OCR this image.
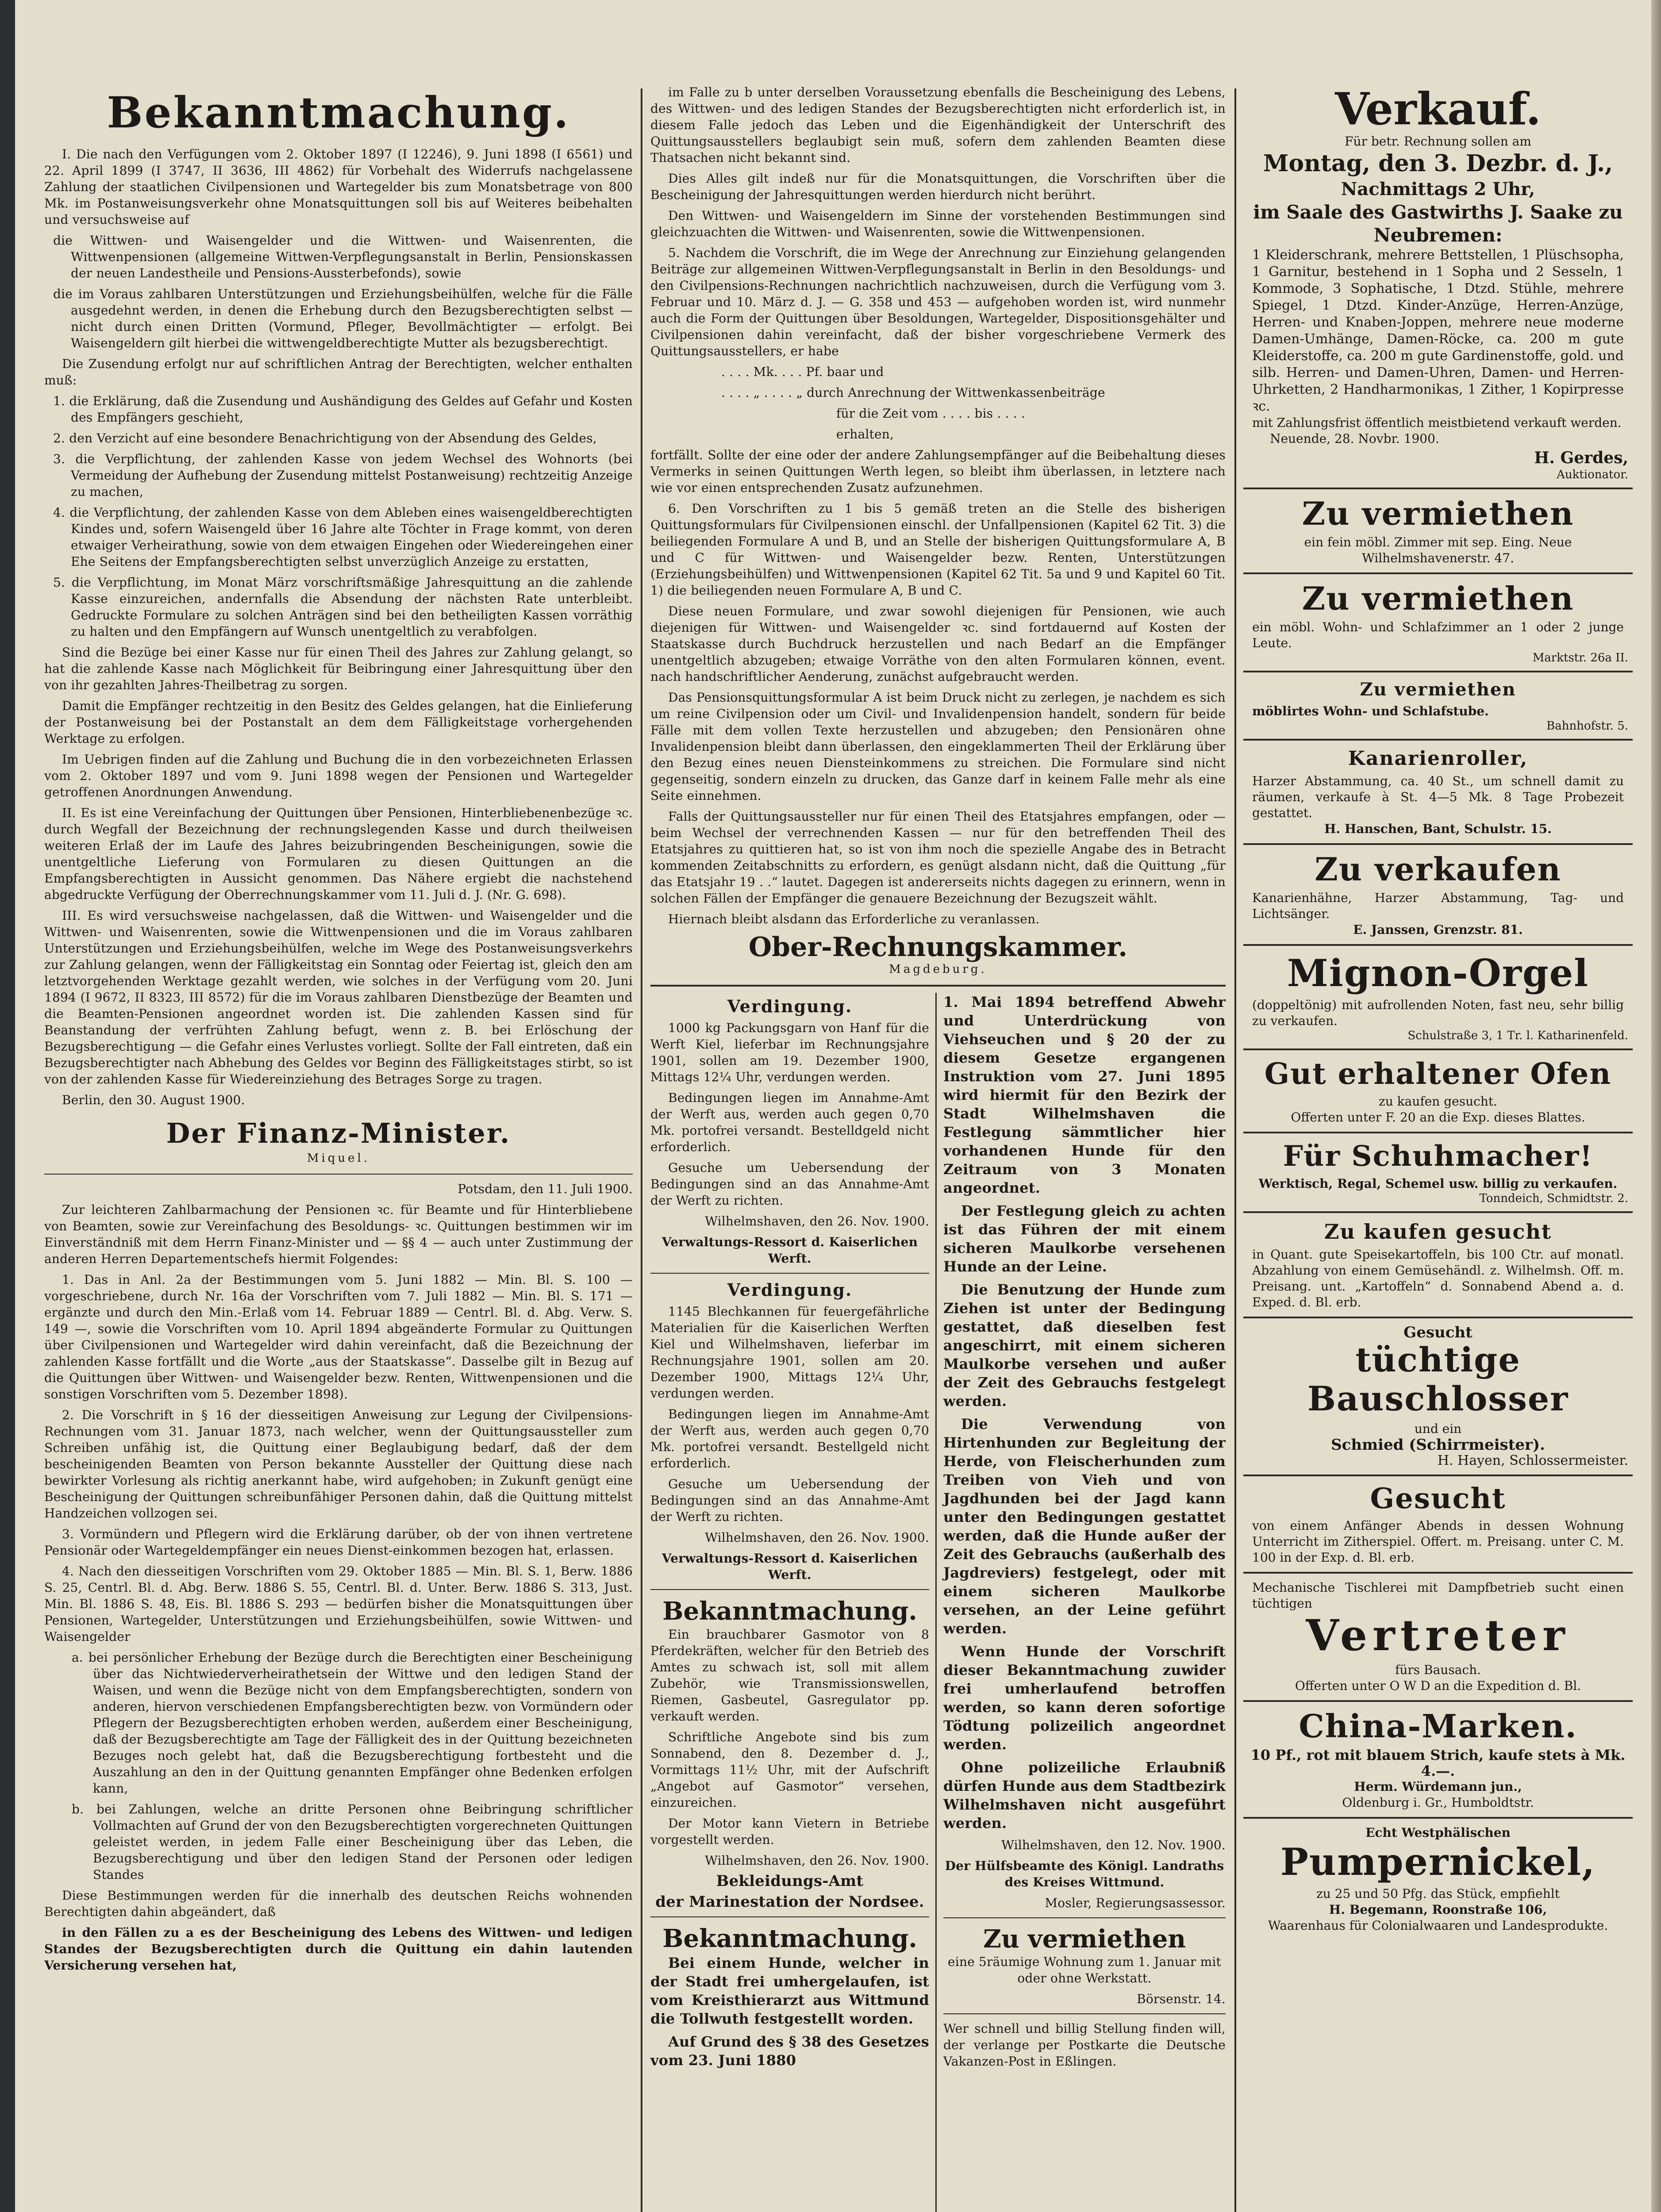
Bekanntmachung.

I. Die nach den Verfügungen vom 2. Oktober 1897 (I 12246), 9. Juni 1898 (I 6561) und 22. April 1899 (I 3747, II 3636, III 4862) für Vorbehalt des Widerrufs nachgelassene Zahlung der staatlichen Civilpensionen und Wartegelder bis zum Monatsbetrage von 800 Mk. im Postanweisungsverkehr ohne Monatsquittungen soll bis auf Weiteres beibehalten und versuchsweise auf

die Wittwen- und Waisengelder und die Wittwen- und Waisenrenten, die Wittwenpensionen (allgemeine Wittwen-Verpflegungsanstalt in Berlin, Pensionskassen der neuen Landestheile und Pensions-Aussterbefonds), sowie

die im Voraus zahlbaren Unterstützungen und Erziehungsbeihülfen, welche für die Fälle ausgedehnt werden, in denen die Erhebung durch den Bezugsberechtigten selbst — nicht durch einen Dritten (Vormund, Pfleger, Bevollmächtigter — erfolgt. Bei Waisengeldern gilt hierbei die wittwengeldberechtigte Mutter als bezugsberechtigt.

Die Zusendung erfolgt nur auf schriftlichen Antrag der Berechtigten, welcher enthalten muß:

1. die Erklärung, daß die Zusendung und Aushändigung des Geldes auf Gefahr und Kosten des Empfängers geschieht,

2. den Verzicht auf eine besondere Benachrichtigung von der Absendung des Geldes,

3. die Verpflichtung, der zahlenden Kasse von jedem Wechsel des Wohnorts (bei Vermeidung der Aufhebung der Zusendung mittelst Postanweisung) rechtzeitig Anzeige zu machen,

4. die Verpflichtung, der zahlenden Kasse von dem Ableben eines waisengeldberechtigten Kindes und, sofern Waisengeld über 16 Jahre alte Töchter in Frage kommt, von deren etwaiger Verheirathung, sowie von dem etwaigen Eingehen oder Wiedereingehen einer Ehe Seitens der Empfangsberechtigten selbst unverzüglich Anzeige zu erstatten,

5. die Verpflichtung, im Monat März vorschriftsmäßige Jahresquittung an die zahlende Kasse einzureichen, andernfalls die Absendung der nächsten Rate unterbleibt. Gedruckte Formulare zu solchen Anträgen sind bei den betheiligten Kassen vorräthig zu halten und den Empfängern auf Wunsch unentgeltlich zu verabfolgen.

Sind die Bezüge bei einer Kasse nur für einen Theil des Jahres zur Zahlung gelangt, so hat die zahlende Kasse nach Möglichkeit für Beibringung einer Jahresquittung über den von ihr gezahlten Jahres-Theilbetrag zu sorgen.

Damit die Empfänger rechtzeitig in den Besitz des Geldes gelangen, hat die Einlieferung der Postanweisung bei der Postanstalt an dem dem Fälligkeitstage vorhergehenden Werktage zu erfolgen.

Im Uebrigen finden auf die Zahlung und Buchung die in den vorbezeichneten Erlassen vom 2. Oktober 1897 und vom 9. Juni 1898 wegen der Pensionen und Wartegelder getroffenen Anordnungen Anwendung.

II. Es ist eine Vereinfachung der Quittungen über Pensionen, Hinterbliebenenbezüge ꝛc. durch Wegfall der Bezeichnung der rechnungslegenden Kasse und durch theilweisen weiteren Erlaß der im Laufe des Jahres beizubringenden Bescheinigungen, sowie die unentgeltliche Lieferung von Formularen zu diesen Quittungen an die Empfangsberechtigten in Aussicht genommen. Das Nähere ergiebt die nachstehend abgedruckte Verfügung der Oberrechnungskammer vom 11. Juli d. J. (Nr. G. 698).

III. Es wird versuchsweise nachgelassen, daß die Wittwen- und Waisengelder und die Wittwen- und Waisenrenten, sowie die Wittwenpensionen und die im Voraus zahlbaren Unterstützungen und Erziehungsbeihülfen, welche im Wege des Postanweisungsverkehrs zur Zahlung gelangen, wenn der Fälligkeitstag ein Sonntag oder Feiertag ist, gleich den am letztvorgehenden Werktage gezahlt werden, wie solches in der Verfügung vom 20. Juni 1894 (I 9672, II 8323, III 8572) für die im Voraus zahlbaren Dienstbezüge der Beamten und die Beamten-Pensionen angeordnet worden ist. Die zahlenden Kassen sind für Beanstandung der verfrühten Zahlung befugt, wenn z. B. bei Erlöschung der Bezugsberechtigung — die Gefahr eines Verlustes vorliegt. Sollte der Fall eintreten, daß ein Bezugsberechtigter nach Abhebung des Geldes vor Beginn des Fälligkeitstages stirbt, so ist von der zahlenden Kasse für Wiedereinziehung des Betrages Sorge zu tragen.

Berlin, den 30. August 1900.

Der Finanz-Minister.
Miquel.

Potsdam, den 11. Juli 1900.

Zur leichteren Zahlbarmachung der Pensionen ꝛc. für Beamte und für Hinterbliebene von Beamten, sowie zur Vereinfachung des Besoldungs- ꝛc. Quittungen bestimmen wir im Einverständniß mit dem Herrn Finanz-Minister und — §§ 4 — auch unter Zustimmung der anderen Herren Departementschefs hiermit Folgendes:

1. Das in Anl. 2a der Bestimmungen vom 5. Juni 1882 — Min. Bl. S. 100 — vorgeschriebene, durch Nr. 16a der Vorschriften vom 7. Juli 1882 — Min. Bl. S. 171 — ergänzte und durch den Min.-Erlaß vom 14. Februar 1889 — Centrl. Bl. d. Abg. Verw. S. 149 —, sowie die Vorschriften vom 10. April 1894 abgeänderte Formular zu Quittungen über Civilpensionen und Wartegelder wird dahin vereinfacht, daß die Bezeichnung der zahlenden Kasse fortfällt und die Worte „aus der Staatskasse“. Dasselbe gilt in Bezug auf die Quittungen über Wittwen- und Waisengelder bezw. Renten, Wittwenpensionen und die sonstigen Vorschriften vom 5. Dezember 1898).

2. Die Vorschrift in § 16 der diesseitigen Anweisung zur Legung der Civilpensions-Rechnungen vom 31. Januar 1873, nach welcher, wenn der Quittungsaussteller zum Schreiben unfähig ist, die Quittung einer Beglaubigung bedarf, daß der dem bescheinigenden Beamten von Person bekannte Aussteller der Quittung diese nach bewirkter Vorlesung als richtig anerkannt habe, wird aufgehoben; in Zukunft genügt eine Bescheinigung der Quittungen schreibunfähiger Personen dahin, daß die Quittung mittelst Handzeichen vollzogen sei.

3. Vormündern und Pflegern wird die Erklärung darüber, ob der von ihnen vertretene Pensionär oder Wartegeldempfänger ein neues Dienst-einkommen bezogen hat, erlassen.

4. Nach den diesseitigen Vorschriften vom 29. Oktober 1885 — Min. Bl. S. 1, Berw. 1886 S. 25, Centrl. Bl. d. Abg. Berw. 1886 S. 55, Centrl. Bl. d. Unter. Berw. 1886 S. 313, Just. Min. Bl. 1886 S. 48, Eis. Bl. 1886 S. 293 — bedürfen bisher die Monatsquittungen über Pensionen, Wartegelder, Unterstützungen und Erziehungsbeihülfen, sowie Wittwen- und Waisengelder

a. bei persönlicher Erhebung der Bezüge durch die Berechtigten einer Bescheinigung über das Nichtwiederverheirathetsein der Wittwe und den ledigen Stand der Waisen, und wenn die Bezüge nicht von dem Empfangsberechtigten, sondern von anderen, hiervon verschiedenen Empfangsberechtigten bezw. von Vormündern oder Pflegern der Bezugsberechtigten erhoben werden, außerdem einer Bescheinigung, daß der Bezugsberechtigte am Tage der Fälligkeit des in der Quittung bezeichneten Bezuges noch gelebt hat, daß die Bezugsberechtigung fortbesteht und die Auszahlung an den in der Quittung genannten Empfänger ohne Bedenken erfolgen kann,

b. bei Zahlungen, welche an dritte Personen ohne Beibringung schriftlicher Vollmachten auf Grund der von den Bezugsberechtigten vorgerechneten Quittungen geleistet werden, in jedem Falle einer Bescheinigung über das Leben, die Bezugsberechtigung und über den ledigen Stand der Personen oder ledigen Standes

Diese Bestimmungen werden für die innerhalb des deutschen Reichs wohnenden Berechtigten dahin abgeändert, daß

in den Fällen zu a es der Bescheinigung des Lebens des Wittwen- und ledigen Standes der Bezugsberechtigten durch die Quittung ein dahin lautenden Versicherung versehen hat,

im Falle zu b unter derselben Voraussetzung ebenfalls die Bescheinigung des Lebens, des Wittwen- und des ledigen Standes der Bezugsberechtigten nicht erforderlich ist, in diesem Falle jedoch das Leben und die Eigenhändigkeit der Unterschrift des Quittungsausstellers beglaubigt sein muß, sofern dem zahlenden Beamten diese Thatsachen nicht bekannt sind.

Dies Alles gilt indeß nur für die Monatsquittungen, die Vorschriften über die Bescheinigung der Jahresquittungen werden hierdurch nicht berührt.

Den Wittwen- und Waisengeldern im Sinne der vorstehenden Bestimmungen sind gleichzuachten die Wittwen- und Waisenrenten, sowie die Wittwenpensionen.

5. Nachdem die Vorschrift, die im Wege der Anrechnung zur Einziehung gelangenden Beiträge zur allgemeinen Wittwen-Verpflegungsanstalt in Berlin in den Besoldungs- und den Civilpensions-Rechnungen nachrichtlich nachzuweisen, durch die Verfügung vom 3. Februar und 10. März d. J. — G. 358 und 453 — aufgehoben worden ist, wird nunmehr auch die Form der Quittungen über Besoldungen, Wartegelder, Dispositionsgehälter und Civilpensionen dahin vereinfacht, daß der bisher vorgeschriebene Vermerk des Quittungsausstellers, er habe

. . . . Mk. . . . Pf. baar und

. . . . „ . . . . „ durch Anrechnung der Wittwenkassenbeiträge

für die Zeit vom . . . . bis . . . .

erhalten,

fortfällt. Sollte der eine oder der andere Zahlungsempfänger auf die Beibehaltung dieses Vermerks in seinen Quittungen Werth legen, so bleibt ihm überlassen, in letztere nach wie vor einen entsprechenden Zusatz aufzunehmen.

6. Den Vorschriften zu 1 bis 5 gemäß treten an die Stelle des bisherigen Quittungsformulars für Civilpensionen einschl. der Unfallpensionen (Kapitel 62 Tit. 3) die beiliegenden Formulare A und B, und an Stelle der bisherigen Quittungsformulare A, B und C für Wittwen- und Waisengelder bezw. Renten, Unterstützungen (Erziehungsbeihülfen) und Wittwenpensionen (Kapitel 62 Tit. 5a und 9 und Kapitel 60 Tit. 1) die beiliegenden neuen Formulare A, B und C.

Diese neuen Formulare, und zwar sowohl diejenigen für Pensionen, wie auch diejenigen für Wittwen- und Waisengelder ꝛc. sind fortdauernd auf Kosten der Staatskasse durch Buchdruck herzustellen und nach Bedarf an die Empfänger unentgeltlich abzugeben; etwaige Vorräthe von den alten Formularen können, event. nach handschriftlicher Aenderung, zunächst aufgebraucht werden.

Das Pensionsquittungsformular A ist beim Druck nicht zu zerlegen, je nachdem es sich um reine Civilpension oder um Civil- und Invalidenpension handelt, sondern für beide Fälle mit dem vollen Texte herzustellen und abzugeben; den Pensionären ohne Invalidenpension bleibt dann überlassen, den eingeklammerten Theil der Erklärung über den Bezug eines neuen Diensteinkommens zu streichen. Die Formulare sind nicht gegenseitig, sondern einzeln zu drucken, das Ganze darf in keinem Falle mehr als eine Seite einnehmen.

Falls der Quittungsaussteller nur für einen Theil des Etatsjahres empfangen, oder — beim Wechsel der verrechnenden Kassen — nur für den betreffenden Theil des Etatsjahres zu quittieren hat, so ist von ihm noch die spezielle Angabe des in Betracht kommenden Zeitabschnitts zu erfordern, es genügt alsdann nicht, daß die Quittung „für das Etatsjahr 19 . .“ lautet. Dagegen ist andererseits nichts dagegen zu erinnern, wenn in solchen Fällen der Empfänger die genauere Bezeichnung der Bezugszeit wählt.

Hiernach bleibt alsdann das Erforderliche zu veranlassen.

Ober-Rechnungskammer.
Magdeburg.
Verdingung.

1000 kg Packungsgarn von Hanf für die Werft Kiel, lieferbar im Rechnungsjahre 1901, sollen am 19. Dezember 1900, Mittags 12¼ Uhr, verdungen werden.

Bedingungen liegen im Annahme-Amt der Werft aus, werden auch gegen 0,70 Mk. portofrei versandt. Bestelldgeld nicht erforderlich.

Gesuche um Uebersendung der Bedingungen sind an das Annahme-Amt der Werft zu richten.

Wilhelmshaven, den 26. Nov. 1900.

Verwaltungs-Ressort d. Kaiserlichen Werft.

Verdingung.

1145 Blechkannen für feuergefährliche Materialien für die Kaiserlichen Werften Kiel und Wilhelmshaven, lieferbar im Rechnungsjahre 1901, sollen am 20. Dezember 1900, Mittags 12¼ Uhr, verdungen werden.

Bedingungen liegen im Annahme-Amt der Werft aus, werden auch gegen 0,70 Mk. portofrei versandt. Bestellgeld nicht erforderlich.

Gesuche um Uebersendung der Bedingungen sind an das Annahme-Amt der Werft zu richten.

Wilhelmshaven, den 26. Nov. 1900.

Verwaltungs-Ressort d. Kaiserlichen Werft.

Bekanntmachung.

Ein brauchbarer Gasmotor von 8 Pferdekräften, welcher für den Betrieb des Amtes zu schwach ist, soll mit allem Zubehör, wie Transmissionswellen, Riemen, Gasbeutel, Gasregulator pp. verkauft werden.

Schriftliche Angebote sind bis zum Sonnabend, den 8. Dezember d. J., Vormittags 11½ Uhr, mit der Aufschrift „Angebot auf Gasmotor“ versehen, einzureichen.

Der Motor kann Vietern in Betriebe vorgestellt werden.

Wilhelmshaven, den 26. Nov. 1900.

Bekleidungs-Amt

der Marinestation der Nordsee.

Bekanntmachung.

Bei einem Hunde, welcher in der Stadt frei umhergelaufen, ist vom Kreisthierarzt aus Wittmund die Tollwuth festgestellt worden.

Auf Grund des § 38 des Gesetzes vom 23. Juni 1880

1. Mai 1894 betreffend Abwehr und Unterdrückung von Viehseuchen und § 20 der zu diesem Gesetze ergangenen Instruktion vom 27. Juni 1895 wird hiermit für den Bezirk der Stadt Wilhelmshaven die Festlegung sämmtlicher hier vorhandenen Hunde für den Zeitraum von 3 Monaten angeordnet.

Der Festlegung gleich zu achten ist das Führen der mit einem sicheren Maulkorbe versehenen Hunde an der Leine.

Die Benutzung der Hunde zum Ziehen ist unter der Bedingung gestattet, daß dieselben fest angeschirrt, mit einem sicheren Maulkorbe versehen und außer der Zeit des Gebrauchs festgelegt werden.

Die Verwendung von Hirtenhunden zur Begleitung der Herde, von Fleischerhunden zum Treiben von Vieh und von Jagdhunden bei der Jagd kann unter den Bedingungen gestattet werden, daß die Hunde außer der Zeit des Gebrauchs (außerhalb des Jagdreviers) festgelegt, oder mit einem sicheren Maulkorbe versehen, an der Leine geführt werden.

Wenn Hunde der Vorschrift dieser Bekanntmachung zuwider frei umherlaufend betroffen werden, so kann deren sofortige Tödtung polizeilich angeordnet werden.

Ohne polizeiliche Erlaubniß dürfen Hunde aus dem Stadtbezirk Wilhelmshaven nicht ausgeführt werden.

Wilhelmshaven, den 12. Nov. 1900.

Der Hülfsbeamte des Königl. Landraths des Kreises Wittmund.

Mosler, Regierungsassessor.

Zu vermiethen

eine 5räumige Wohnung zum 1. Januar mit oder ohne Werkstatt.

Börsenstr. 14.

Wer schnell und billig Stellung finden will, der verlange per Postkarte die Deutsche Vakanzen-Post in Eßlingen.

Verkauf.
Für betr. Rechnung sollen am
Montag, den 3. Dezbr. d. J.,
Nachmittags 2 Uhr,
im Saale des Gastwirths J. Saake zu Neubremen:
1 Kleiderschrank, mehrere Bettstellen, 1 Plüschsopha, 1 Garnitur, bestehend in 1 Sopha und 2 Sesseln, 1 Kommode, 3 Sophatische, 1 Dtzd. Stühle, mehrere Spiegel, 1 Dtzd. Kinder-Anzüge, Herren-Anzüge, Herren- und Knaben-Joppen, mehrere neue moderne Damen-Umhänge, Damen-Röcke, ca. 200 m gute Kleiderstoffe, ca. 200 m gute Gardinenstoffe, gold. und silb. Herren- und Damen-Uhren, Damen- und Herren-Uhrketten, 2 Handharmonikas, 1 Zither, 1 Kopirpresse ꝛc.
mit Zahlungsfrist öffentlich meistbietend verkauft werden.
Neuende, 28. Novbr. 1900.
H. Gerdes,
Auktionator.
Zu vermiethen
ein fein möbl. Zimmer mit sep. Eing. Neue Wilhelmshavenerstr. 47.
Zu vermiethen
ein möbl. Wohn- und Schlafzimmer an 1 oder 2 junge Leute.
Marktstr. 26a II.
Zu vermiethen
möblirtes Wohn- und Schlafstube.
Bahnhofstr. 5.
Kanarienroller,
Harzer Abstammung, ca. 40 St., um schnell damit zu räumen, verkaufe à St. 4—5 Mk. 8 Tage Probezeit gestattet.
H. Hanschen, Bant, Schulstr. 15.
Zu verkaufen
Kanarienhähne, Harzer Abstammung, Tag- und Lichtsänger.
E. Janssen, Grenzstr. 81.
Mignon-Orgel
(doppeltönig) mit aufrollenden Noten, fast neu, sehr billig zu verkaufen.
Schulstraße 3, 1 Tr. l. Katharinenfeld.
Gut erhaltener Ofen
zu kaufen gesucht.
Offerten unter F. 20 an die Exp. dieses Blattes.
Für Schuhmacher!
Werktisch, Regal, Schemel usw. billig zu verkaufen.
Tonndeich, Schmidtstr. 2.
Zu kaufen gesucht
in Quant. gute Speisekartoffeln, bis 100 Ctr. auf monatl. Abzahlung von einem Gemüsehändl. z. Wilhelmsh. Off. m. Preisang. unt. „Kartoffeln“ d. Sonnabend Abend a. d. Exped. d. Bl. erb.
Gesucht
tüchtige Bauschlosser
und ein
Schmied (Schirrmeister).
H. Hayen, Schlossermeister.
Gesucht
von einem Anfänger Abends in dessen Wohnung Unterricht im Zitherspiel. Offert. m. Preisang. unter C. M. 100 in der Exp. d. Bl. erb.
Mechanische Tischlerei mit Dampfbetrieb sucht einen tüchtigen
Vertreter
fürs Bausach.
Offerten unter O W D an die Expedition d. Bl.
China-Marken.
10 Pf., rot mit blauem Strich, kaufe stets à Mk. 4.—.
Herm. Würdemann jun.,
Oldenburg i. Gr., Humboldtstr.
Echt Westphälischen
Pumpernickel,
zu 25 und 50 Pfg. das Stück, empfiehlt
H. Begemann, Roonstraße 106,
Waarenhaus für Colonialwaaren und Landesprodukte.
